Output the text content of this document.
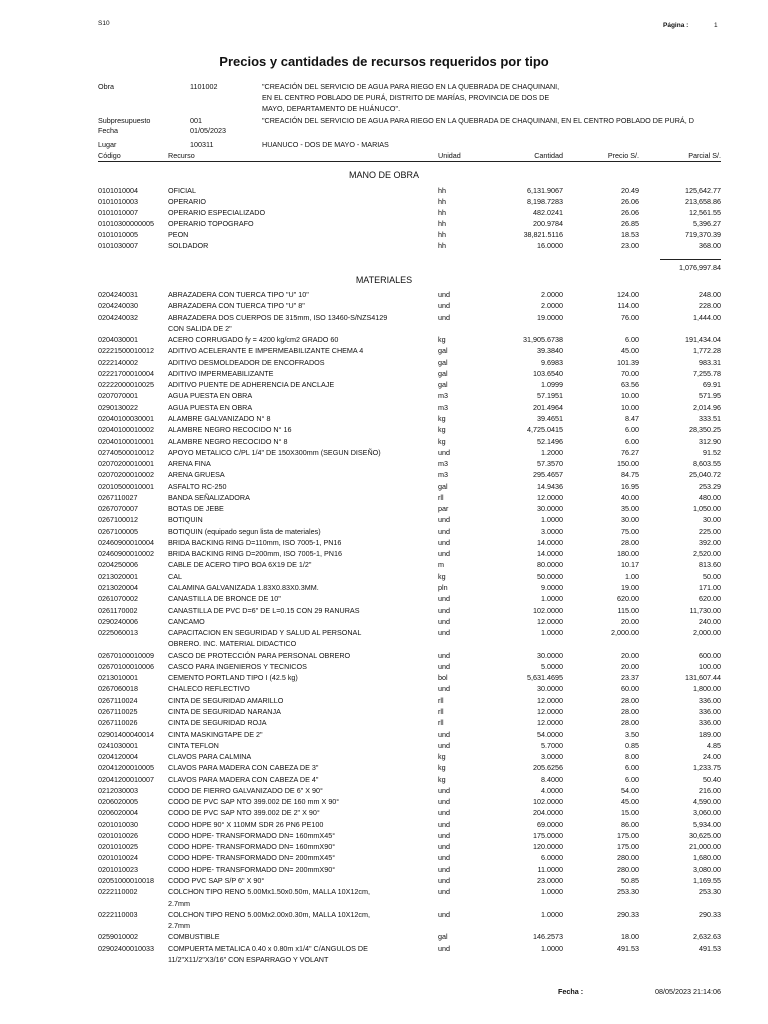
S10	Página :	1
Precios y cantidades de recursos requeridos por tipo
Obra	1101002	"CREACIÓN DEL SERVICIO DE AGUA PARA RIEGO EN LA QUEBRADA DE CHAQUINANI,
EN EL CENTRO POBLADO DE PURÁ, DISTRITO DE MARÍAS, PROVINCIA DE DOS DE
MAYO, DEPARTAMENTO DE HUÁNUCO".
Subpresupuesto	001	"CREACIÓN DEL SERVICIO DE AGUA PARA RIEGO EN LA QUEBRADA DE CHAQUINANI, EN EL CENTRO POBLADO DE PURÁ, D
Fecha	01/05/2023
Lugar	100311	HUANUCO - DOS DE MAYO - MARIAS
Código	Recurso	Unidad	Cantidad	Precio S/.	Parcial S/.
MANO DE OBRA
0101010004	OFICIAL	hh	6,131.9067	20.49	125,642.77
0101010003	OPERARIO	hh	8,198.7283	26.06	213,658.86
0101010007	OPERARIO ESPECIALIZADO	hh	482.0241	26.06	12,561.55
01010300000005 OPERARIO TOPOGRAFO	hh	200.9784	26.85	5,396.27
0101010005	PEON	hh	38,821.5116	18.53	719,370.39
0101030007	SOLDADOR	hh	16.0000	23.00	368.00
1,076,997.84
MATERIALES
0204240031	ABRAZADERA CON TUERCA TIPO "U" 10"	und	2.0000	124.00	248.00
0204240030	ABRAZADERA CON TUERCA TIPO "U" 8"	und	2.0000	114.00	228.00
0204240032	ABRAZADERA DOS CUERPOS DE 315mm, ISO 13460-S/NZS4129	und	19.0000	76.00	1,444.00
CON SALIDA DE 2"
0204030001	ACERO CORRUGADO fy = 4200 kg/cm2 GRADO 60	kg	31,905.6738	6.00	191,434.04
02221500010012 ADITIVO ACELERANTE E IMPERMEABILIZANTE CHEMA 4	gal	39.3840	45.00	1,772.28
0222140002	ADITIVO DESMOLDEADOR DE ENCOFRADOS	gal	9.6983	101.39	983.31
02221700010004 ADITIVO IMPERMEABILIZANTE	gal	103.6540	70.00	7,255.78
02222000010025 ADITIVO PUENTE DE ADHERENCIA DE ANCLAJE	gal	1.0999	63.56	69.91
0207070001	AGUA PUESTA EN OBRA	m3	57.1951	10.00	571.95
0290130022	AGUA PUESTA EN OBRA	m3	201.4964	10.00	2,014.96
02040100030001 ALAMBRE GALVANIZADO N° 8	kg	39.4651	8.47	333.51
02040100010002 ALAMBRE NEGRO RECOCIDO N° 16	kg	4,725.0415	6.00	28,350.25
02040100010001 ALAMBRE NEGRO RECOCIDO N° 8	kg	52.1496	6.00	312.90
02740500010012 APOYO METALICO C/PL 1/4" DE 150X300mm (SEGUN DISEÑO)	und	1.2000	76.27	91.52
02070200010001 ARENA FINA	m3	57.3570	150.00	8,603.55
02070200010002 ARENA GRUESA	m3	295.4657	84.75	25,040.72
02010500010001 ASFALTO RC-250	gal	14.9436	16.95	253.29
0267110027	BANDA SEÑALIZADORA	rll	12.0000	40.00	480.00
0267070007	BOTAS DE JEBE	par	30.0000	35.00	1,050.00
0267100012	BOTIQUIN	und	1.0000	30.00	30.00
0267100005	BOTIQUIN (equipado segun lista de materiales)	und	3.0000	75.00	225.00
02460900010004 BRIDA BACKING RING D=110mm, ISO 7005-1, PN16	und	14.0000	28.00	392.00
02460900010002 BRIDA BACKING RING D=200mm, ISO 7005-1, PN16	und	14.0000	180.00	2,520.00
0204250006	CABLE DE ACERO TIPO BOA 6X19 DE 1/2"	m	80.0000	10.17	813.60
0213020001	CAL	kg	50.0000	1.00	50.00
0213020004	CALAMINA GALVANIZADA 1.83X0.83X0.3MM.	pln	9.0000	19.00	171.00
0261070002	CANASTILLA DE BRONCE DE 10"	und	1.0000	620.00	620.00
0261170002	CANASTILLA DE PVC D=6" DE L=0.15 CON 29 RANURAS	und	102.0000	115.00	11,730.00
0290240006	CANCAMO	und	12.0000	20.00	240.00
0225060013	CAPACITACION EN SEGURIDAD Y SALUD AL PERSONAL	und	1.0000	2,000.00	2,000.00
OBRERO. INC. MATERIAL DIDACTICO
02670100010009 CASCO DE PROTECCIÓN PARA PERSONAL OBRERO	und	30.0000	20.00	600.00
02670100010006 CASCO PARA INGENIEROS Y TECNICOS	und	5.0000	20.00	100.00
0213010001	CEMENTO PORTLAND TIPO I (42.5 kg)	bol	5,631.4695	23.37	131,607.44
0267060018	CHALECO REFLECTIVO	und	30.0000	60.00	1,800.00
0267110024	CINTA DE SEGURIDAD AMARILLO	rll	12.0000	28.00	336.00
0267110025	CINTA DE SEGURIDAD NARANJA	rll	12.0000	28.00	336.00
0267110026	CINTA DE SEGURIDAD ROJA	rll	12.0000	28.00	336.00
02901400040014 CINTA MASKINGTAPE DE 2"	und	54.0000	3.50	189.00
0241030001	CINTA TEFLON	und	5.7000	0.85	4.85
0204120004	CLAVOS PARA CALMINA	kg	3.0000	8.00	24.00
02041200010005 CLAVOS PARA MADERA CON CABEZA DE 3"	kg	205.6256	6.00	1,233.75
02041200010007 CLAVOS PARA MADERA CON CABEZA DE 4"	kg	8.4000	6.00	50.40
0212030003	CODO DE FIERRO GALVANIZADO DE 6" X 90°	und	4.0000	54.00	216.00
0206020005	CODO DE PVC SAP NTO 399.002 DE 160 mm X 90°	und	102.0000	45.00	4,590.00
0206020004	CODO DE PVC SAP NTO 399.002 DE 2" X 90°	und	204.0000	15.00	3,060.00
0201010030	CODO HDPE 90° X 110MM SDR 26 PN6 PE100	und	69.0000	86.00	5,934.00
0201010026	CODO HDPE- TRANSFORMADO DN= 160mmX45°	und	175.0000	175.00	30,625.00
0201010025	CODO HDPE- TRANSFORMADO DN= 160mmX90°	und	120.0000	175.00	21,000.00
0201010024	CODO HDPE- TRANSFORMADO DN= 200mmX45°	und	6.0000	280.00	1,680.00
0201010023	CODO HDPE- TRANSFORMADO DN= 200mmX90°	und	11.0000	280.00	3,080.00
02051000010018 CODO PVC SAP S/P 6" X 90°	und	23.0000	50.85	1,169.55
0222110002	COLCHON TIPO RENO 5.00Mx1.50x0.50m, MALLA 10X12cm,	und	1.0000	253.30	253.30
2.7mm
0222110003	COLCHON TIPO RENO 5.00Mx2.00x0.30m, MALLA 10X12cm,	und	1.0000	290.33	290.33
2.7mm
0259010002	COMBUSTIBLE	gal	146.2573	18.00	2,632.63
02902400010033 COMPUERTA METALICA 0.40 x 0.80m x1/4" C/ANGULOS DE	und	1.0000	491.53	491.53
11/2"X11/2"X3/16" CON ESPARRAGO Y VOLANT
Fecha :	08/05/2023 21:14:06
